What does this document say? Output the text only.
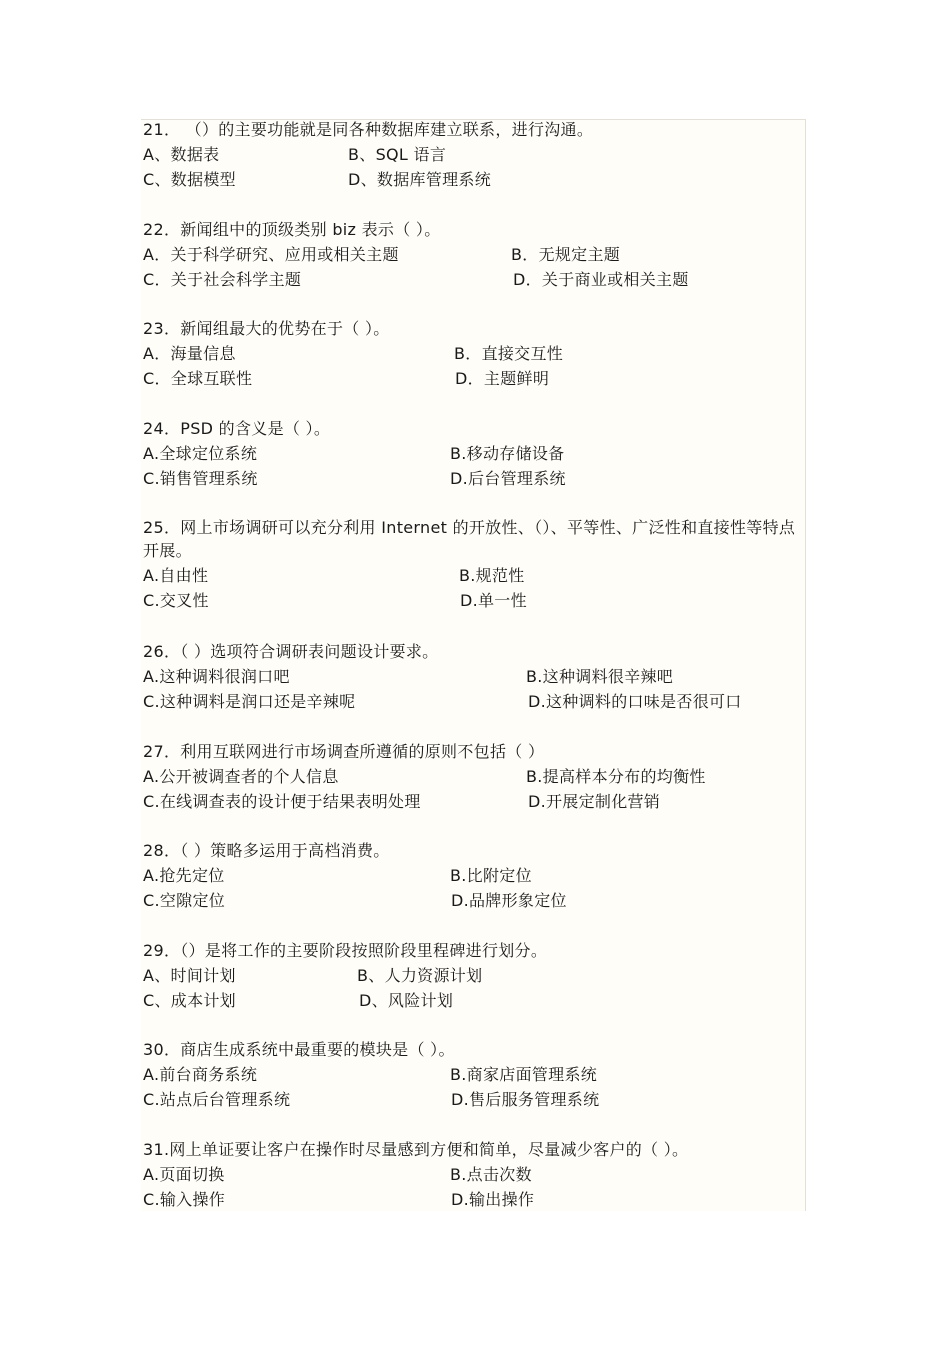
21． （）的主要功能就是同各种数据库建立联系，进行沟通。
A、数据表	B、SQL 语言
C、数据模型	D、数据库管理系统
22．新闻组中的顶级类别 biz 表示（ ）。
A．关于科学研究、应用或相关主题	B．无规定主题
C．关于社会科学主题	D．关于商业或相关主题
23．新闻组最大的优势在于（ ）。
A．海量信息	B．直接交互性
C．全球互联性	D．主题鲜明
24．PSD 的含义是（ ）。
A.全球定位系统	B.移动存储设备
C.销售管理系统	D.后台管理系统
25．网上市场调研可以充分利用 Internet 的开放性、（）、平等性、广泛性和直接性等特点开展。
A.自由性	B.规范性
C.交叉性	D.单一性
26．（ ）选项符合调研表问题设计要求。
A.这种调料很润口吧	B.这种调料很辛辣吧
C.这种调料是润口还是辛辣呢	D.这种调料的口味是否很可口
27．利用互联网进行市场调查所遵循的原则不包括（ ）
A.公开被调查者的个人信息	B.提高样本分布的均衡性
C.在线调查表的设计便于结果表明处理	D.开展定制化营销
28．（ ）策略多运用于高档消费。
A.抢先定位	B.比附定位
C.空隙定位	D.品牌形象定位
29．（）是将工作的主要阶段按照阶段里程碑进行划分。
A、时间计划	B、人力资源计划
C、成本计划	D、风险计划
30．商店生成系统中最重要的模块是（ ）。
A.前台商务系统	B.商家店面管理系统
C.站点后台管理系统	D.售后服务管理系统
31.网上单证要让客户在操作时尽量感到方便和简单，尽量减少客户的（ ）。
A.页面切换	B.点击次数
C.输入操作	D.输出操作
